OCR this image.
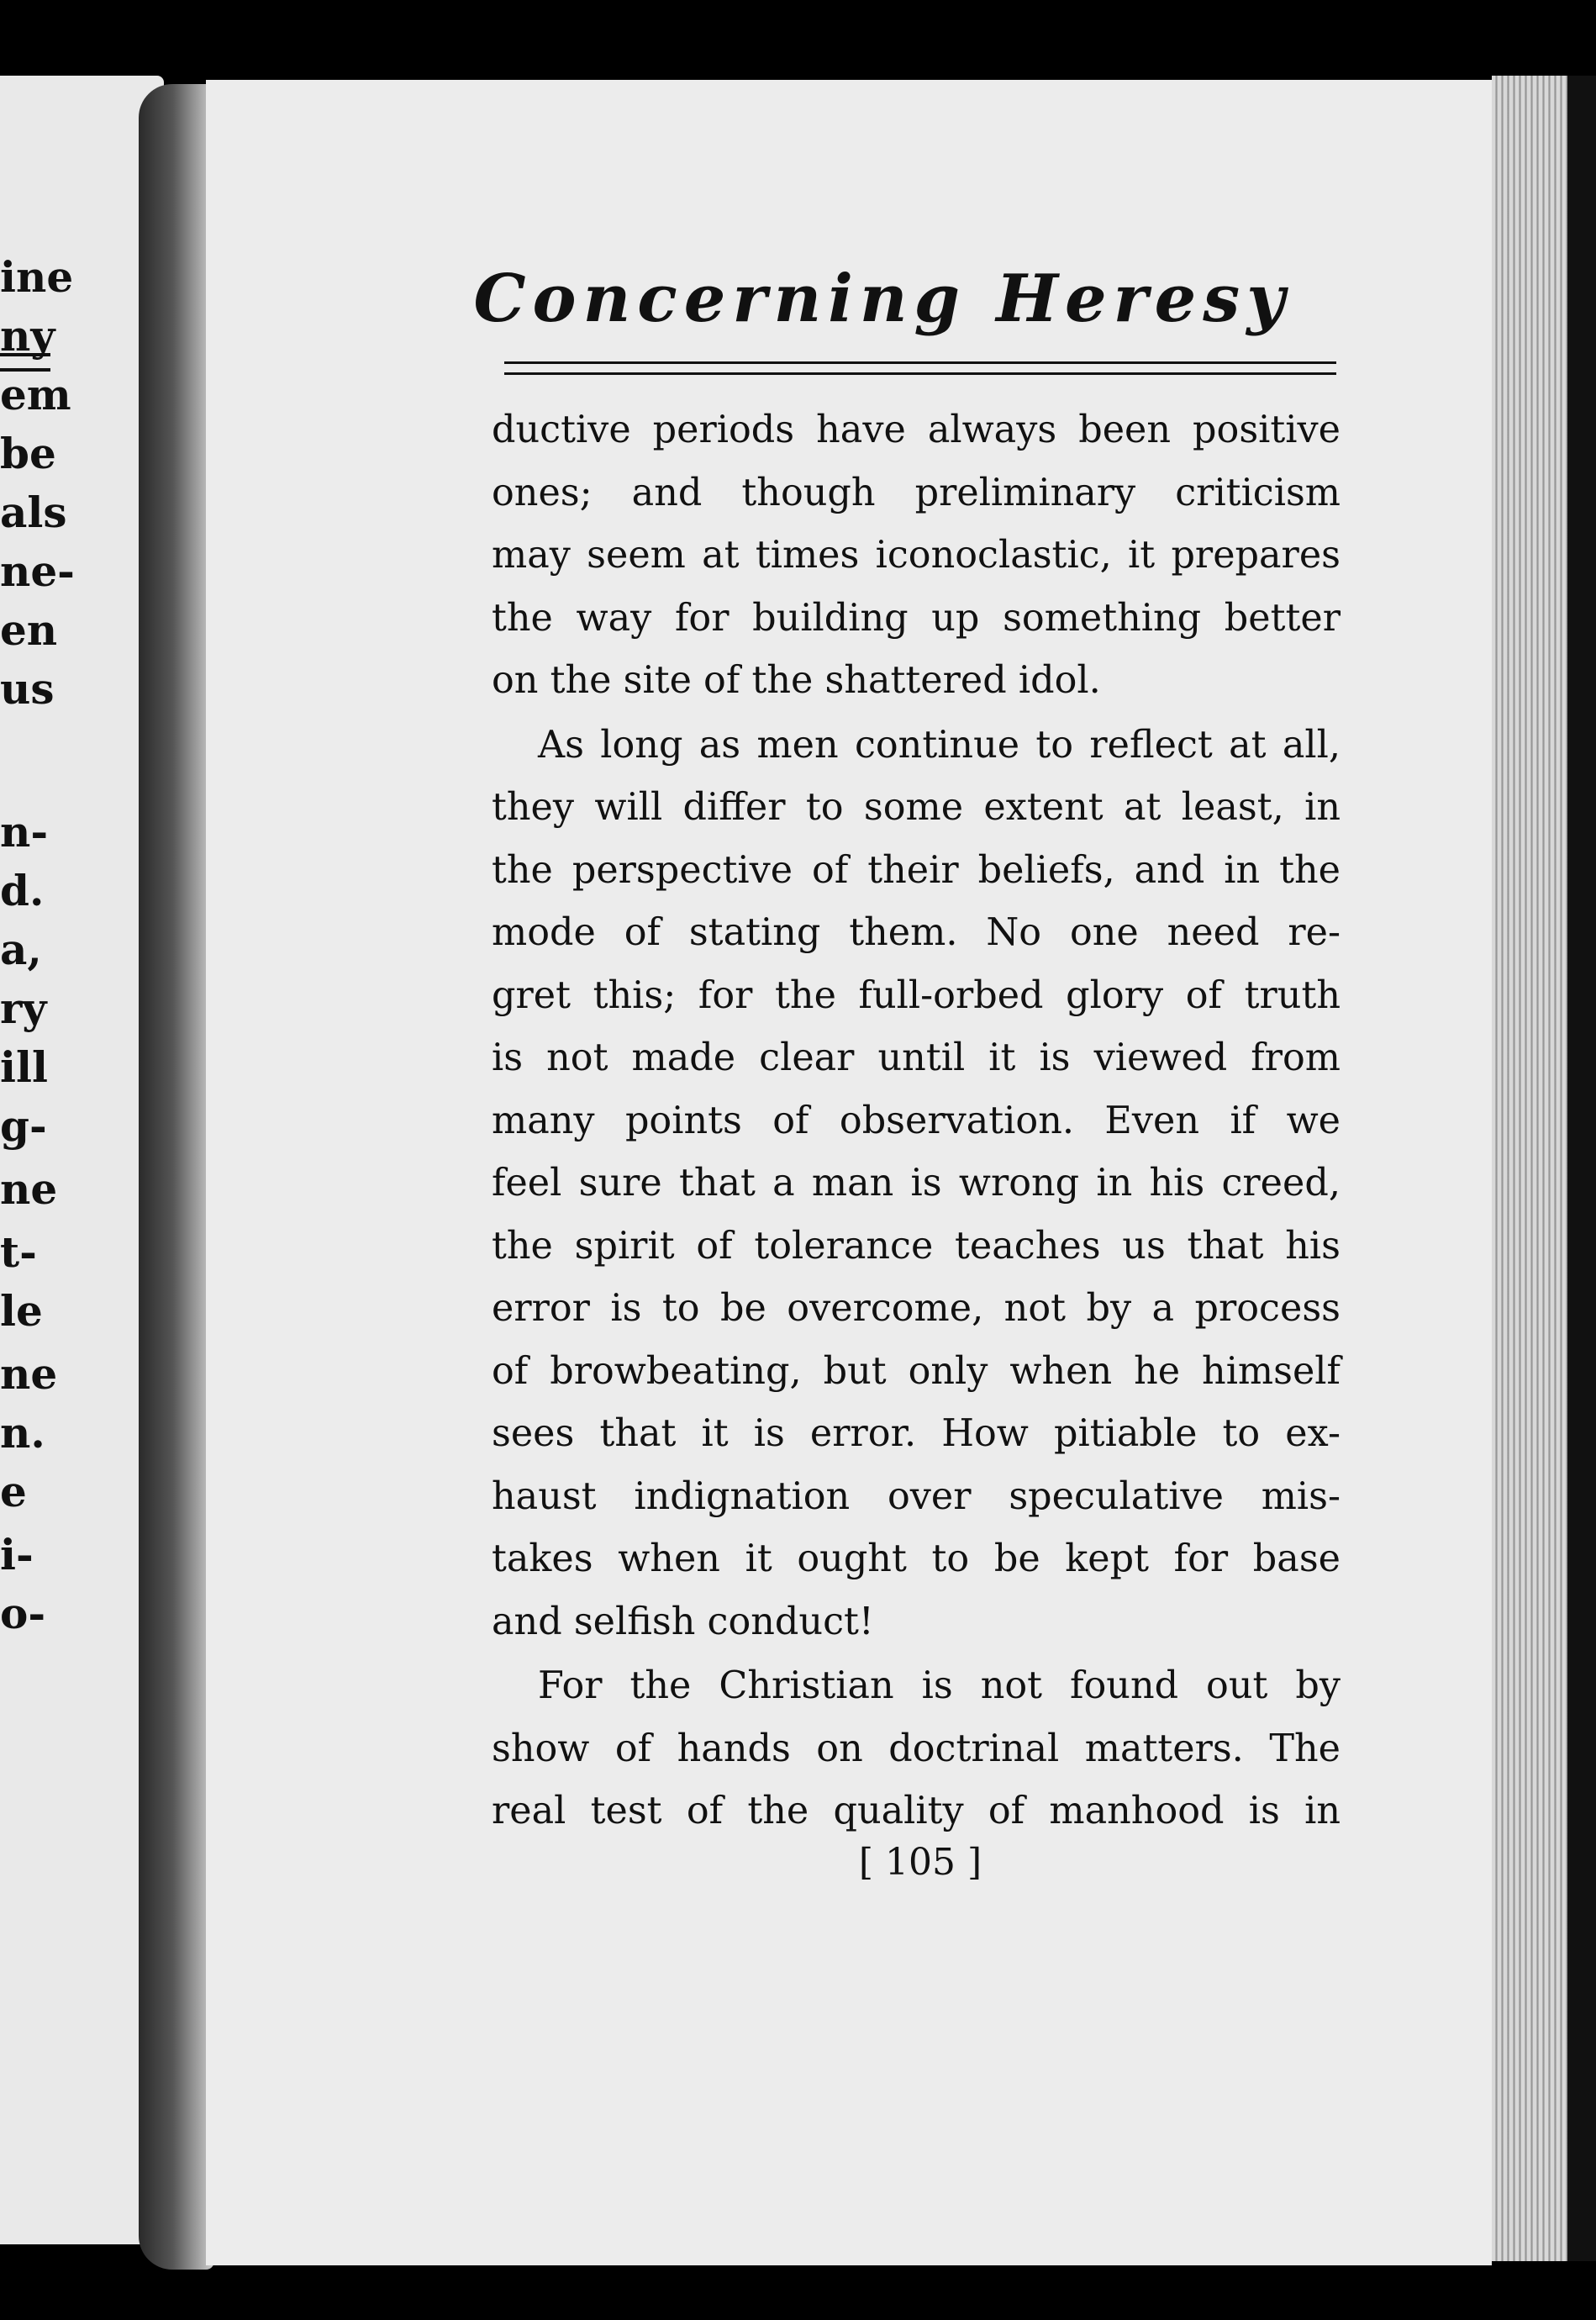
ine
ny
em
be
als
ne-
en
us
n-
d.
a,
ry
ill
g-
ne
t-
le
ne
n.
e
i-
o-
Concerning Heresy
ductive periods have always been positive
ones; and though preliminary criticism
may seem at times iconoclastic, it prepares
the way for building up something better
on the site of the shattered idol.
As long as men continue to reflect at all,
they will differ to some extent at least, in
the perspective of their beliefs, and in the
mode of stating them. No one need re-
gret this; for the full-orbed glory of truth
is not made clear until it is viewed from
many points of observation. Even if we
feel sure that a man is wrong in his creed,
the spirit of tolerance teaches us that his
error is to be overcome, not by a process
of browbeating, but only when he himself
sees that it is error. How pitiable to ex-
haust indignation over speculative mis-
takes when it ought to be kept for base
and selfish conduct!
For the Christian is not found out by
show of hands on doctrinal matters. The
real test of the quality of manhood is in
[ 105 ]
